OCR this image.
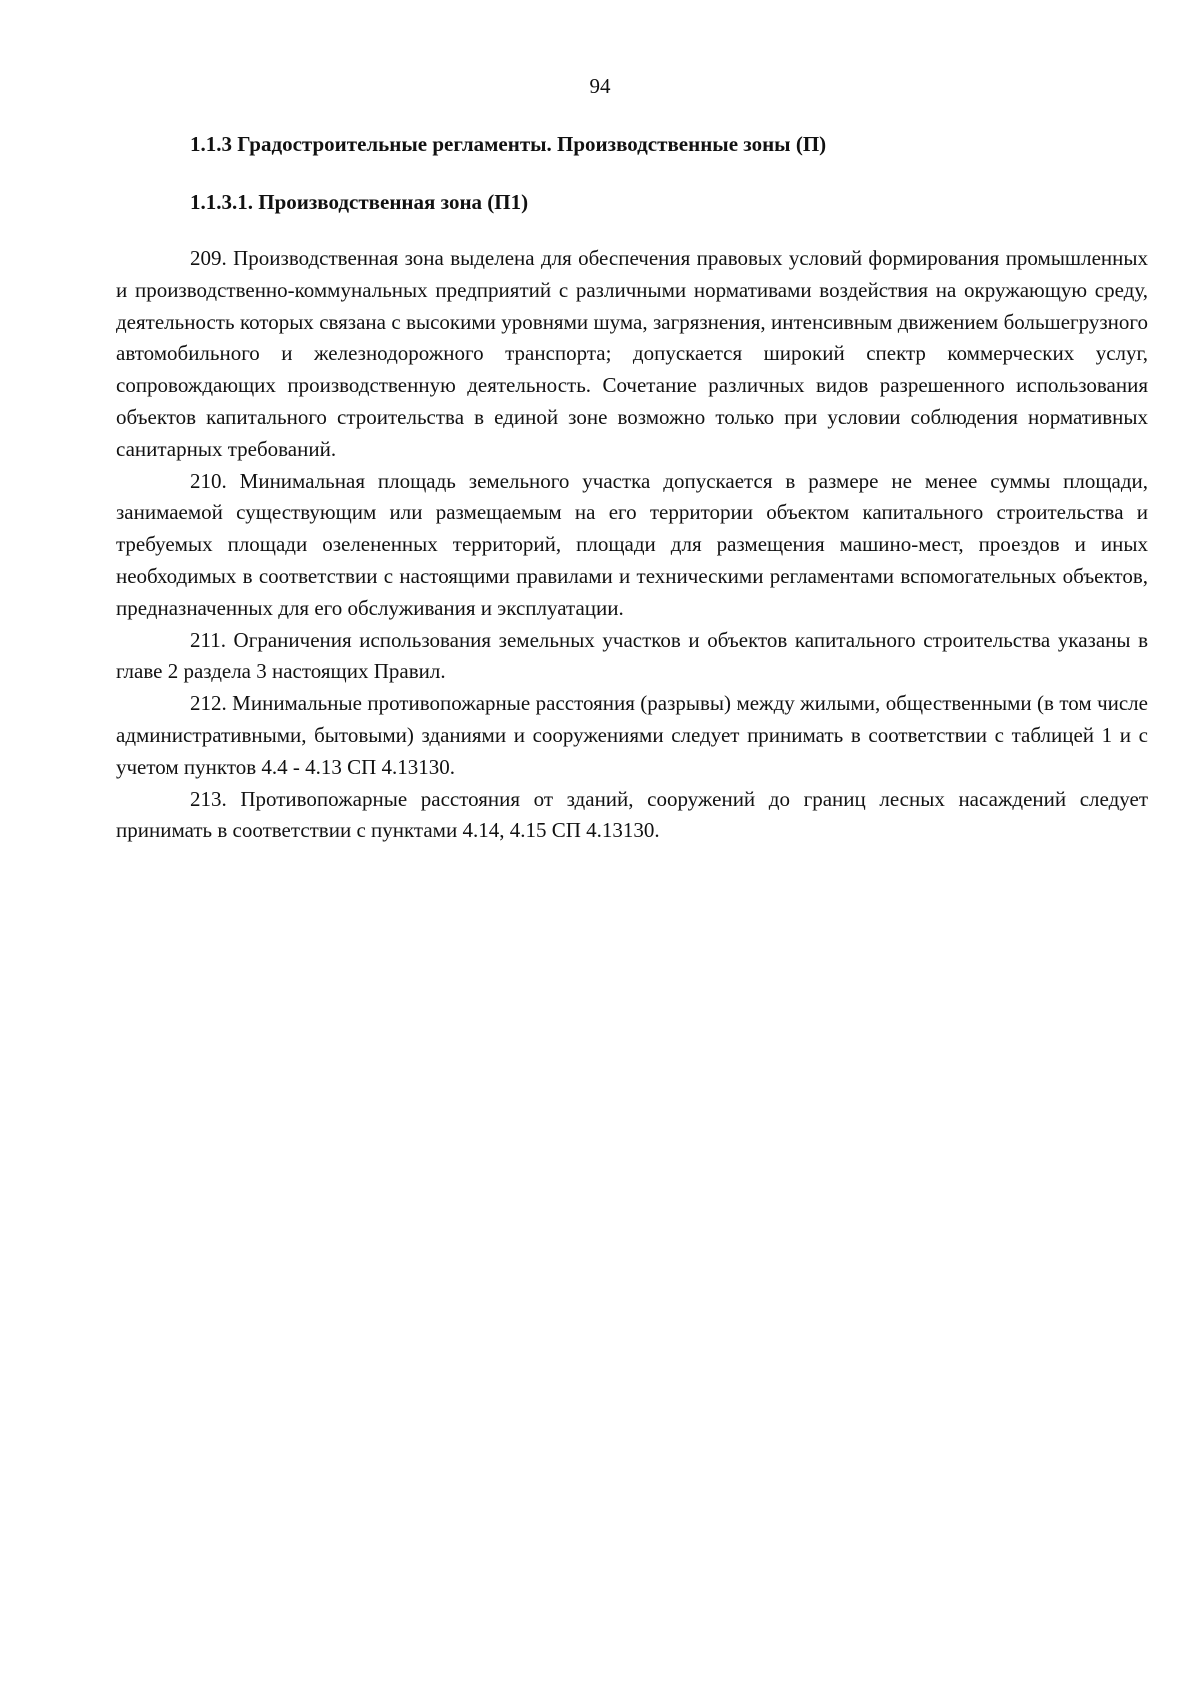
94
1.1.3 Градостроительные регламенты. Производственные зоны (П)
1.1.3.1. Производственная зона (П1)

209. Производственная зона выделена для обеспечения правовых условий формирования промышленных и производственно-коммунальных предприятий с различными нормативами воздействия на окружающую среду, деятельность которых связана с высокими уровнями шума, загрязнения, интенсивным движением большегрузного автомобильного и железнодорожного транспорта; допускается широкий спектр коммерческих услуг, сопровождающих производственную деятельность. Сочетание различных видов разрешенного использования объектов капитального строительства в единой зоне возможно только при условии соблюдения нормативных санитарных требований.

210. Минимальная площадь земельного участка допускается в размере не менее суммы площади, занимаемой существующим или размещаемым на его территории объектом капитального строительства и требуемых площади озелененных территорий, площади для размещения машино-мест, проездов и иных необходимых в соответствии с настоящими правилами и техническими регламентами вспомогательных объектов, предназначенных для его обслуживания и эксплуатации.

211. Ограничения использования земельных участков и объектов капитального строительства указаны в главе 2 раздела 3 настоящих Правил.

212. Минимальные противопожарные расстояния (разрывы) между жилыми, общественными (в том числе административными, бытовыми) зданиями и сооружениями следует принимать в соответствии с таблицей 1 и с учетом пунктов 4.4 - 4.13 СП 4.13130.

213. Противопожарные расстояния от зданий, сооружений до границ лесных насаждений следует принимать в соответствии с пунктами 4.14, 4.15 СП 4.13130.
